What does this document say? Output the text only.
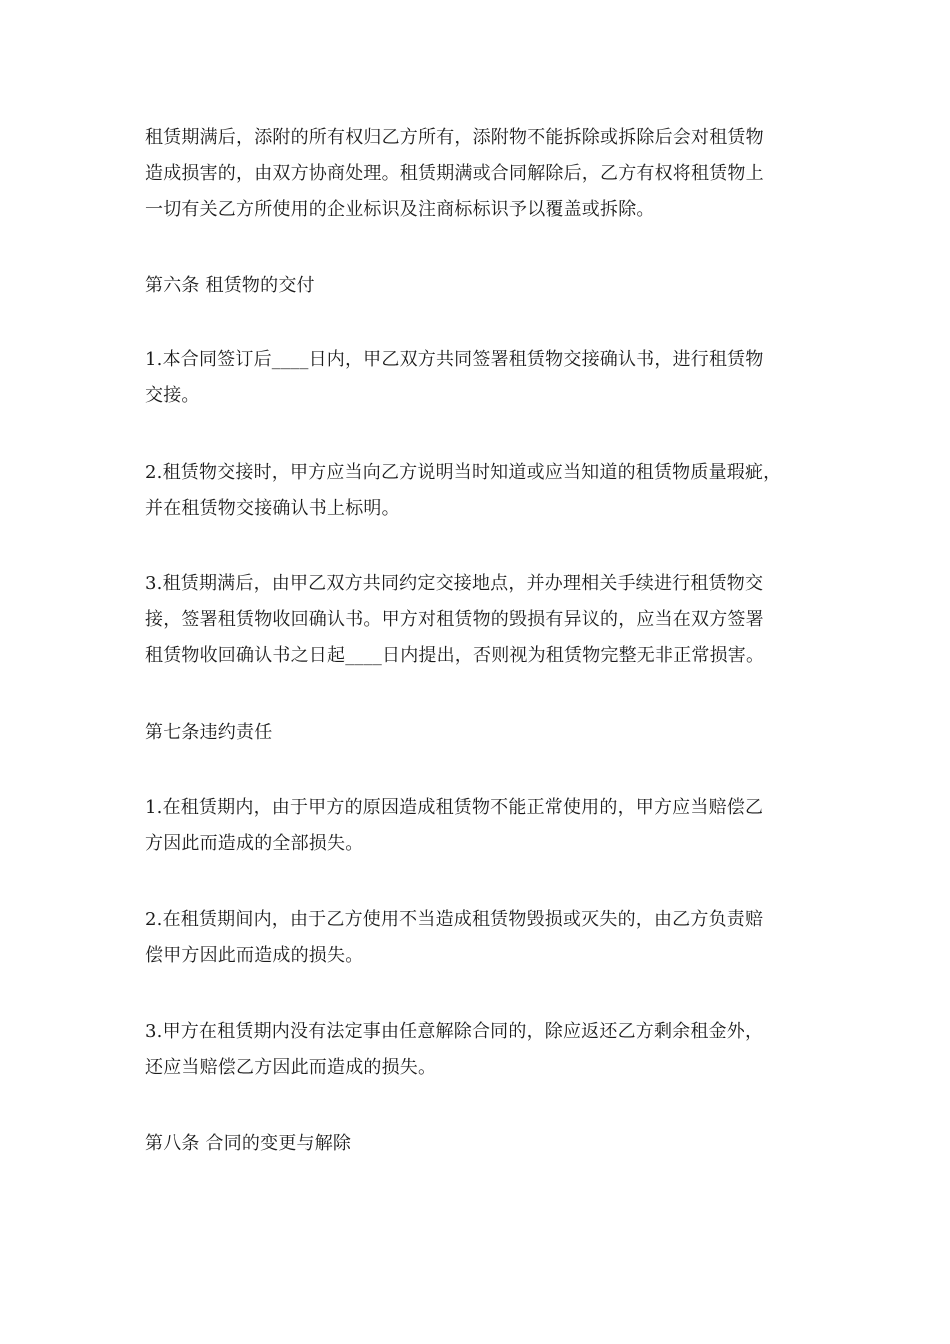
租赁期满后，添附的所有权归乙方所有，添附物不能拆除或拆除后会对租赁物
造成损害的，由双方协商处理。租赁期满或合同解除后，乙方有权将租赁物上
一切有关乙方所使用的企业标识及注商标标识予以覆盖或拆除。

第六条 租赁物的交付

1.本合同签订后____日内，甲乙双方共同签署租赁物交接确认书，进行租赁物
交接。

2.租赁物交接时，甲方应当向乙方说明当时知道或应当知道的租赁物质量瑕疵，
并在租赁物交接确认书上标明。

3.租赁期满后，由甲乙双方共同约定交接地点，并办理相关手续进行租赁物交
接，签署租赁物收回确认书。甲方对租赁物的毁损有异议的，应当在双方签署
租赁物收回确认书之日起____日内提出，否则视为租赁物完整无非正常损害。

第七条违约责任

1.在租赁期内，由于甲方的原因造成租赁物不能正常使用的，甲方应当赔偿乙
方因此而造成的全部损失。

2.在租赁期间内，由于乙方使用不当造成租赁物毁损或灭失的，由乙方负责赔
偿甲方因此而造成的损失。

3.甲方在租赁期内没有法定事由任意解除合同的，除应返还乙方剩余租金外，
还应当赔偿乙方因此而造成的损失。

第八条 合同的变更与解除
